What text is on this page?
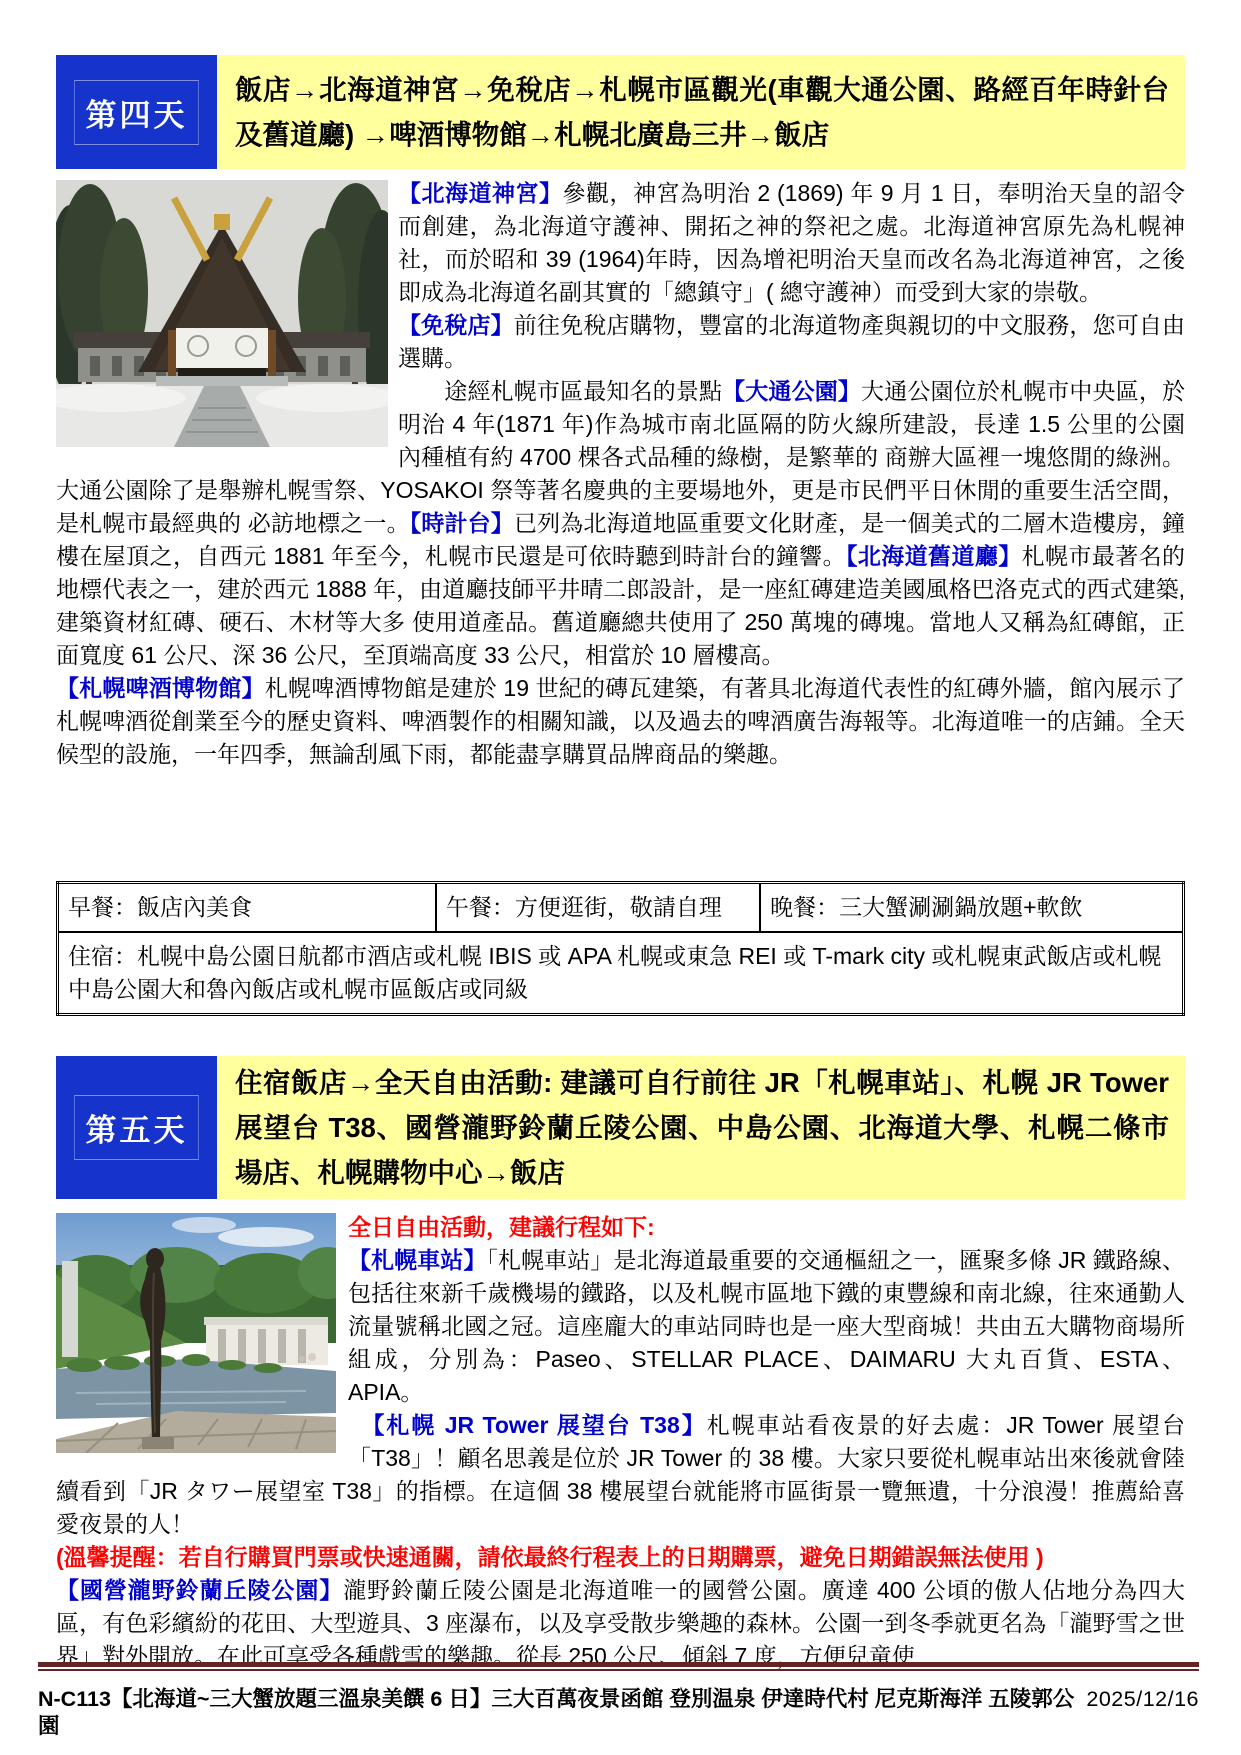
第四天
飯店→北海道神宮→免稅店→札幌市區觀光(車觀大通公園、路經百年時針台及舊道廳) →啤酒博物館→札幌北廣島三井→飯店

【北海道神宮】參觀，神宮為明治 2 (1869) 年 9 月 1 日，奉明治天皇的詔令而創建，為北海道守護神、開拓之神的祭祀之處。北海道神宮原先為札幌神社，而於昭和 39 (1964)年時，因為增祀明治天皇而改名為北海道神宮，之後即成為北海道名副其實的「總鎮守」( 總守護神）而受到大家的崇敬。

【免稅店】前往免稅店購物，豐富的北海道物產與親切的中文服務，您可自由選購。

　　途經札幌市區最知名的景點【大通公園】大通公園位於札幌市中央區，於明治 4 年(1871 年)作為城市南北區隔的防火線所建設，長達 1.5 公里的公園內種植有約 4700 棵各式品種的綠樹，是繁華的 商辦大區裡一塊悠閒的綠洲。大通公園除了是舉辦札幌雪祭、YOSAKOI 祭等著名慶典的主要場地外，更是市民們平日休閒的重要生活空間，是札幌市最經典的 必訪地標之一。【時計台】已列為北海道地區重要文化財產，是一個美式的二層木造樓房，鐘樓在屋頂之，自西元 1881 年至今，札幌市民還是可依時聽到時計台的鐘響。【北海道舊道廳】札幌市最著名的地標代表之一，建於西元 1888 年，由道廳技師平井晴二郎設計，是一座紅磚建造美國風格巴洛克式的西式建築,建築資材紅磚、硬石、木材等大多 使用道產品。舊道廳總共使用了 250 萬塊的磚塊。當地人又稱為紅磚館，正面寬度 61 公尺、深 36 公尺，至頂端高度 33 公尺，相當於 10 層樓高。

【札幌啤酒博物館】札幌啤酒博物館是建於 19 世紀的磚瓦建築，有著具北海道代表性的紅磚外牆，館內展示了札幌啤酒從創業至今的歷史資料、啤酒製作的相關知識，以及過去的啤酒廣告海報等。北海道唯一的店鋪。全天候型的設施，一年四季，無論刮風下雨，都能盡享購買品牌商品的樂趣。

早餐：飯店內美食	午餐：方便逛街，敬請自理	晚餐：三大蟹涮涮鍋放題+軟飲
住宿：札幌中島公園日航都市酒店或札幌 IBIS 或 APA 札幌或東急 REI 或 T-mark city 或札幌東武飯店或札幌中島公園大和魯內飯店或札幌市區飯店或同級
第五天
住宿飯店→全天自由活動: 建議可自行前往 JR「札幌車站」、札幌 JR Tower 展望台 T38、國營瀧野鈴蘭丘陵公園、中島公園、北海道大學、札幌二條市場店、札幌購物中心→飯店

全日自由活動，建議行程如下:

【札幌車站】「札幌車站」是北海道最重要的交通樞紐之一，匯聚多條 JR 鐵路線、包括往來新千歲機場的鐵路，以及札幌市區地下鐵的東豐線和南北線，往來通勤人流量號稱北國之冠。這座龐大的車站同時也是一座大型商城！共由五大購物商場所組成，分別為：Paseo、STELLAR PLACE、DAIMARU 大丸百貨、ESTA、APIA。

　【札幌 JR Tower 展望台 T38】札幌車站看夜景的好去處：JR Tower 展望台「T38」！顧名思義是位於 JR Tower 的 38 樓。大家只要從札幌車站出來後就會陸續看到「JR タワー展望室 T38」的指標。在這個 38 樓展望台就能將市區街景一覽無遺，十分浪漫！推薦給喜愛夜景的人！

(溫馨提醒：若自行購買門票或快速通關，請依最終行程表上的日期購票，避免日期錯誤無法使用 )

【國營瀧野鈴蘭丘陵公園】瀧野鈴蘭丘陵公園是北海道唯一的國營公園。廣達 400 公頃的傲人佔地分為四大區，有色彩繽紛的花田、大型遊具、3 座瀑布，以及享受散步樂趣的森林。公園一到冬季就更名為「瀧野雪之世界」對外開放。在此可享受各種戲雪的樂趣。從長 250 公尺、傾斜 7 度，方便兒童使

N-C113【北海道~三大蟹放題三溫泉美饌 6 日】三大百萬夜景函館 登別温泉 伊達時代村 尼克斯海洋 五陵郭公園
2025/12/16
